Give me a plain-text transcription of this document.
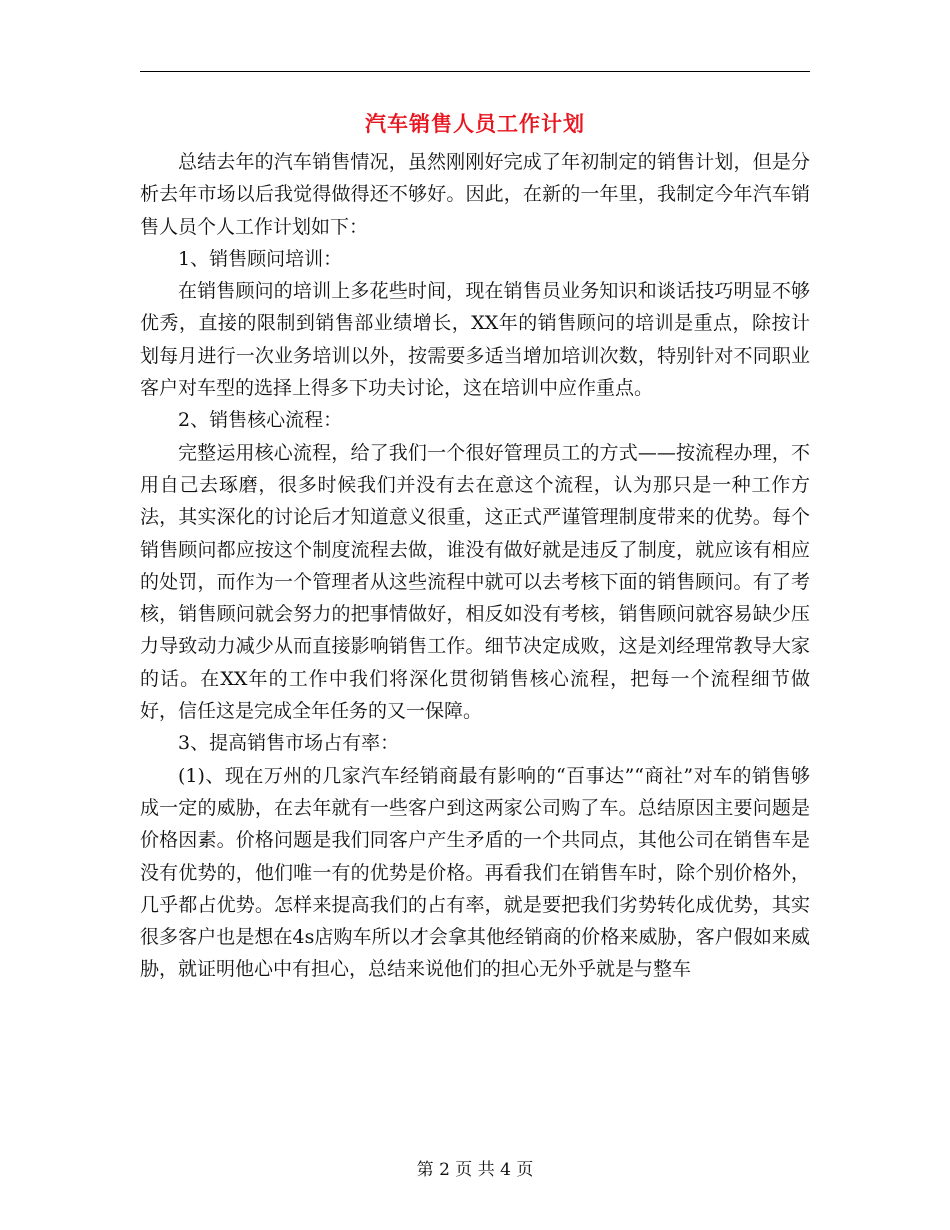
汽车销售人员工作计划

总结去年的汽车销售情况，虽然刚刚好完成了年初制定的销售计划，但是分析去年市场以后我觉得做得还不够好。因此，在新的一年里，我制定今年汽车销售人员个人工作计划如下：

1、销售顾问培训：

在销售顾问的培训上多花些时间，现在销售员业务知识和谈话技巧明显不够优秀，直接的限制到销售部业绩增长，XX年的销售顾问的培训是重点，除按计划每月进行一次业务培训以外，按需要多适当增加培训次数，特别针对不同职业客户对车型的选择上得多下功夫讨论，这在培训中应作重点。

2、销售核心流程：

完整运用核心流程，给了我们一个很好管理员工的方式——按流程办理，不用自己去琢磨，很多时候我们并没有去在意这个流程，认为那只是一种工作方法，其实深化的讨论后才知道意义很重，这正式严谨管理制度带来的优势。每个销售顾问都应按这个制度流程去做，谁没有做好就是违反了制度，就应该有相应的处罚，而作为一个管理者从这些流程中就可以去考核下面的销售顾问。有了考核，销售顾问就会努力的把事情做好，相反如没有考核，销售顾问就容易缺少压力导致动力减少从而直接影响销售工作。细节决定成败，这是刘经理常教导大家的话。在XX年的工作中我们将深化贯彻销售核心流程，把每一个流程细节做好，信任这是完成全年任务的又一保障。

3、提高销售市场占有率：

(1)、现在万州的几家汽车经销商最有影响的“百事达”“商社”对车的销售够成一定的威胁，在去年就有一些客户到这两家公司购了车。总结原因主要问题是价格因素。价格问题是我们同客户产生矛盾的一个共同点，其他公司在销售车是没有优势的，他们唯一有的优势是价格。再看我们在销售车时，除个别价格外，几乎都占优势。怎样来提高我们的占有率，就是要把我们劣势转化成优势，其实很多客户也是想在4s店购车所以才会拿其他经销商的价格来威胁，客户假如来威胁，就证明他心中有担心，总结来说他们的担心无外乎就是与整车

第 2 页 共 4 页
